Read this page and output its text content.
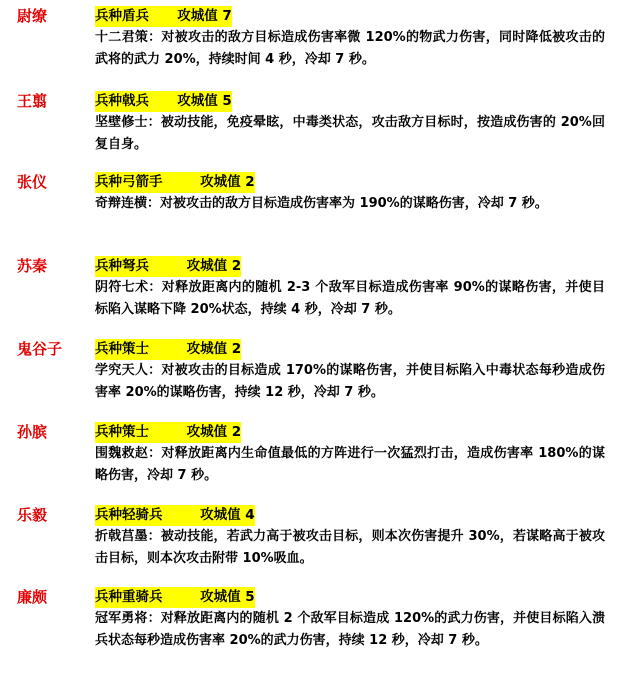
尉缭	兵种盾兵      攻城值 7
十二君策：对被攻击的敌方目标造成伤害率微 120%的物武力伤害，同时降低被攻击的武将的武力 20%，持续时间 4 秒，冷却 7 秒。
王翦	兵种戟兵      攻城值 5
坚壁修士：被动技能，免疫晕眩，中毒类状态，攻击敌方目标时，按造成伤害的 20%回复自身。
张仪	兵种弓箭手        攻城值 2
奇辩连横：对被攻击的敌方目标造成伤害率为 190%的谋略伤害，冷却 7 秒。
苏秦	兵种弩兵        攻城值 2
阴符七术：对释放距离内的随机 2-3 个敌军目标造成伤害率 90%的谋略伤害，并使目标陷入谋略下降 20%状态，持续 4 秒，冷却 7 秒。
鬼谷子 兵种策士        攻城值 2
学究天人：对被攻击的目标造成 170%的谋略伤害，并使目标陷入中毒状态每秒造成伤害率 20%的谋略伤害，持续 12 秒，冷却 7 秒。
孙膑	兵种策士        攻城值 2
围魏救赵：对释放距离内生命值最低的方阵进行一次猛烈打击，造成伤害率 180%的谋略伤害，冷却 7 秒。
乐毅	兵种轻骑兵        攻城值 4
折戟莒墨：被动技能，若武力高于被攻击目标，则本次伤害提升 30%，若谋略高于被攻击目标，则本次攻击附带 10%吸血。
廉颇	兵种重骑兵        攻城值 5
冠军勇将：对释放距离内的随机 2 个敌军目标造成 120%的武力伤害，并使目标陷入溃兵状态每秒造成伤害率 20%的武力伤害，持续 12 秒，冷却 7 秒。
